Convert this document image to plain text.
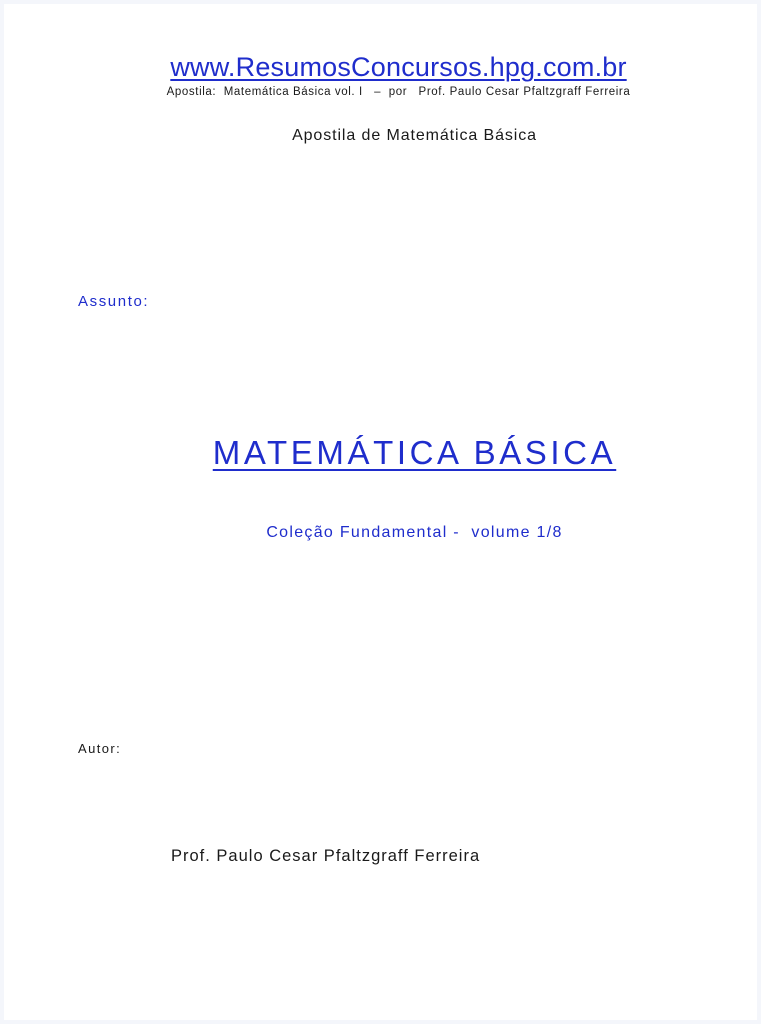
www.ResumosConcursos.hpg.com.br
Apostila:  Matemática Básica vol. I   –  por   Prof. Paulo Cesar Pfaltzgraff Ferreira
Apostila de Matemática Básica
Assunto:
MATEMÁTICA BÁSICA
Coleção Fundamental -  volume 1/8
Autor:
Prof. Paulo Cesar Pfaltzgraff Ferreira
